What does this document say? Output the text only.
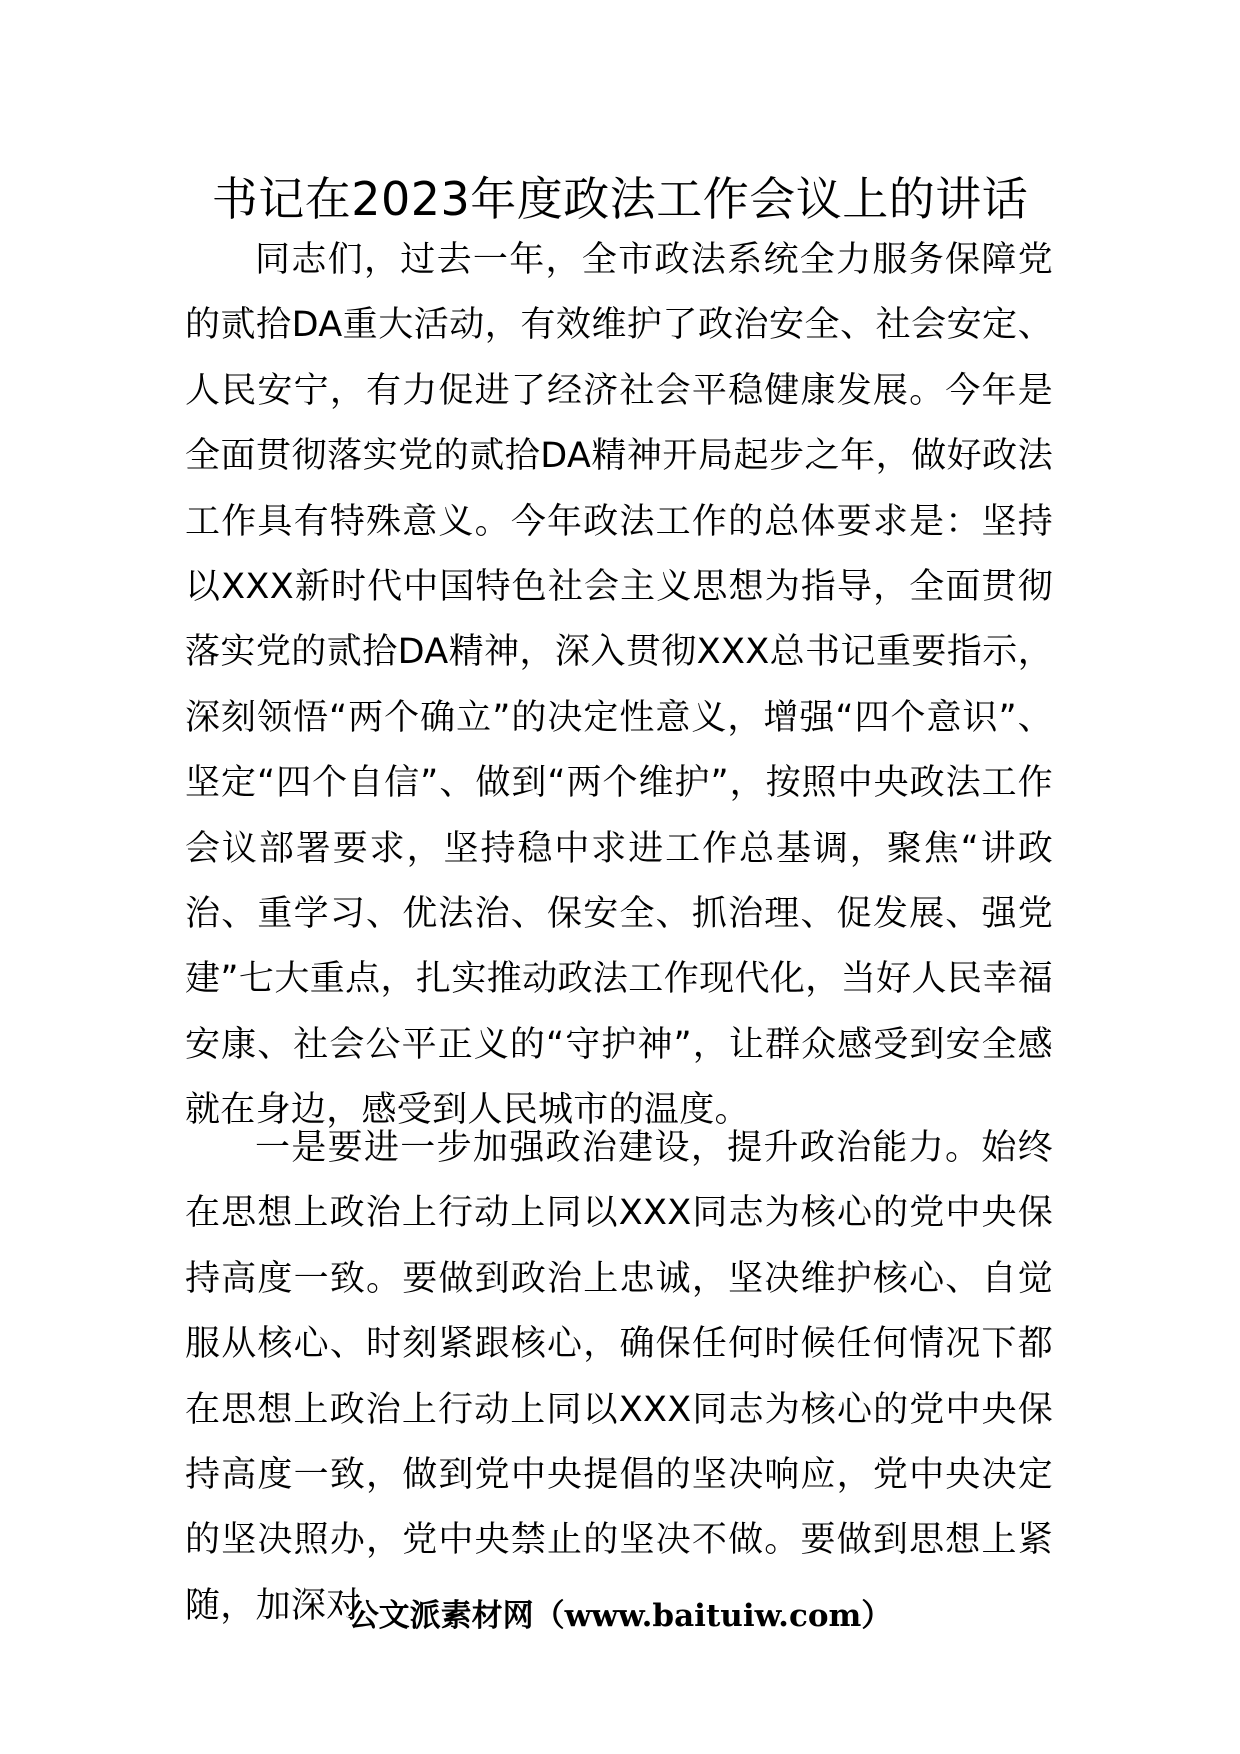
书记在2023年度政法工作会议上的讲话

同志们，过去一年，全市政法系统全力服务保障党的贰拾DA重大活动，有效维护了政治安全、社会安定、人民安宁，有力促进了经济社会平稳健康发展。今年是全面贯彻落实党的贰拾DA精神开局起步之年，做好政法工作具有特殊意义。今年政法工作的总体要求是：坚持以XXX新时代中国特色社会主义思想为指导，全面贯彻落实党的贰拾DA精神，深入贯彻XXX总书记重要指示，深刻领悟“两个确立”的决定性意义，增强“四个意识”、坚定“四个自信”、做到“两个维护”，按照中央政法工作会议部署要求，坚持稳中求进工作总基调，聚焦“讲政治、重学习、优法治、保安全、抓治理、促发展、强党建”七大重点，扎实推动政法工作现代化，当好人民幸福安康、社会公平正义的“守护神”，让群众感受到安全感就在身边，感受到人民城市的温度。

一是要进一步加强政治建设，提升政治能力。始终在思想上政治上行动上同以XXX同志为核心的党中央保持高度一致。要做到政治上忠诚，坚决维护核心、自觉服从核心、时刻紧跟核心，确保任何时候任何情况下都在思想上政治上行动上同以XXX同志为核心的党中央保持高度一致，做到党中央提倡的坚决响应，党中央决定的坚决照办，党中央禁止的坚决不做。要做到思想上紧随，加深对

公文派素材网（www.baituiw.com）
